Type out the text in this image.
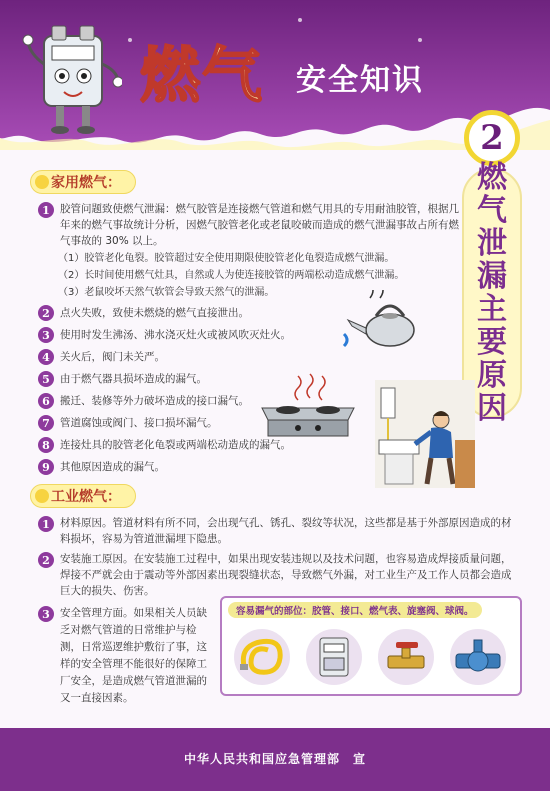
燃气 安全知识
2
燃
气
泄
漏
主
要
原
因
家用燃气：
1 胶管问题致使燃气泄漏：燃气胶管是连接燃气管道和燃气用具的专用耐油胶管，根据几
年来的燃气事故统计分析，因燃气胶管老化或老鼠咬破而造成的燃气泄漏事故占所有燃
气事故的 30% 以上。
（1）胶管老化龟裂。胶管超过安全使用期限使胶管老化龟裂造成燃气泄漏。
（2）长时间使用燃气灶具，自然或人为使连接胶管的两端松动造成燃气泄漏。
（3）老鼠咬坏天然气软管会导致天然气的泄漏。
2 点火失败，致使未燃烧的燃气直接泄出。
3 使用时发生沸汤、沸水浇灭灶火或被风吹灭灶火。
4 关火后，阀门未关严。
5 由于燃气器具损坏造成的漏气。
6 搬迁、装修等外力破坏造成的接口漏气。
7 管道腐蚀或阀门、接口损坏漏气。
8 连接灶具的胶管老化龟裂或两端松动造成的漏气。
9 其他原因造成的漏气。
工业燃气：
1 材料原因。管道材料有所不同，会出现气孔、锈孔、裂纹等状况，这些都是基于外部原因造成的材
料损坏，容易为管道泄漏埋下隐患。
2 安装施工原因。在安装施工过程中，如果出现安装违规以及技术问题，也容易造成焊接质量问题，
焊接不严就会由于震动等外部因素出现裂缝状态，导致燃气外漏，对工业生产及工作人员都会造成
巨大的损失、伤害。
3 安全管理方面。如果相关人员缺
乏对燃气管道的日常维护与检
测，日常巡逻维护敷衍了事，这
样的安全管理不能很好的保障工
厂安全，是造成燃气管道泄漏的
又一直接因素。
容易漏气的部位：胶管、接口、燃气表、旋塞阀、球阀。
中华人民共和国应急管理部　宣
